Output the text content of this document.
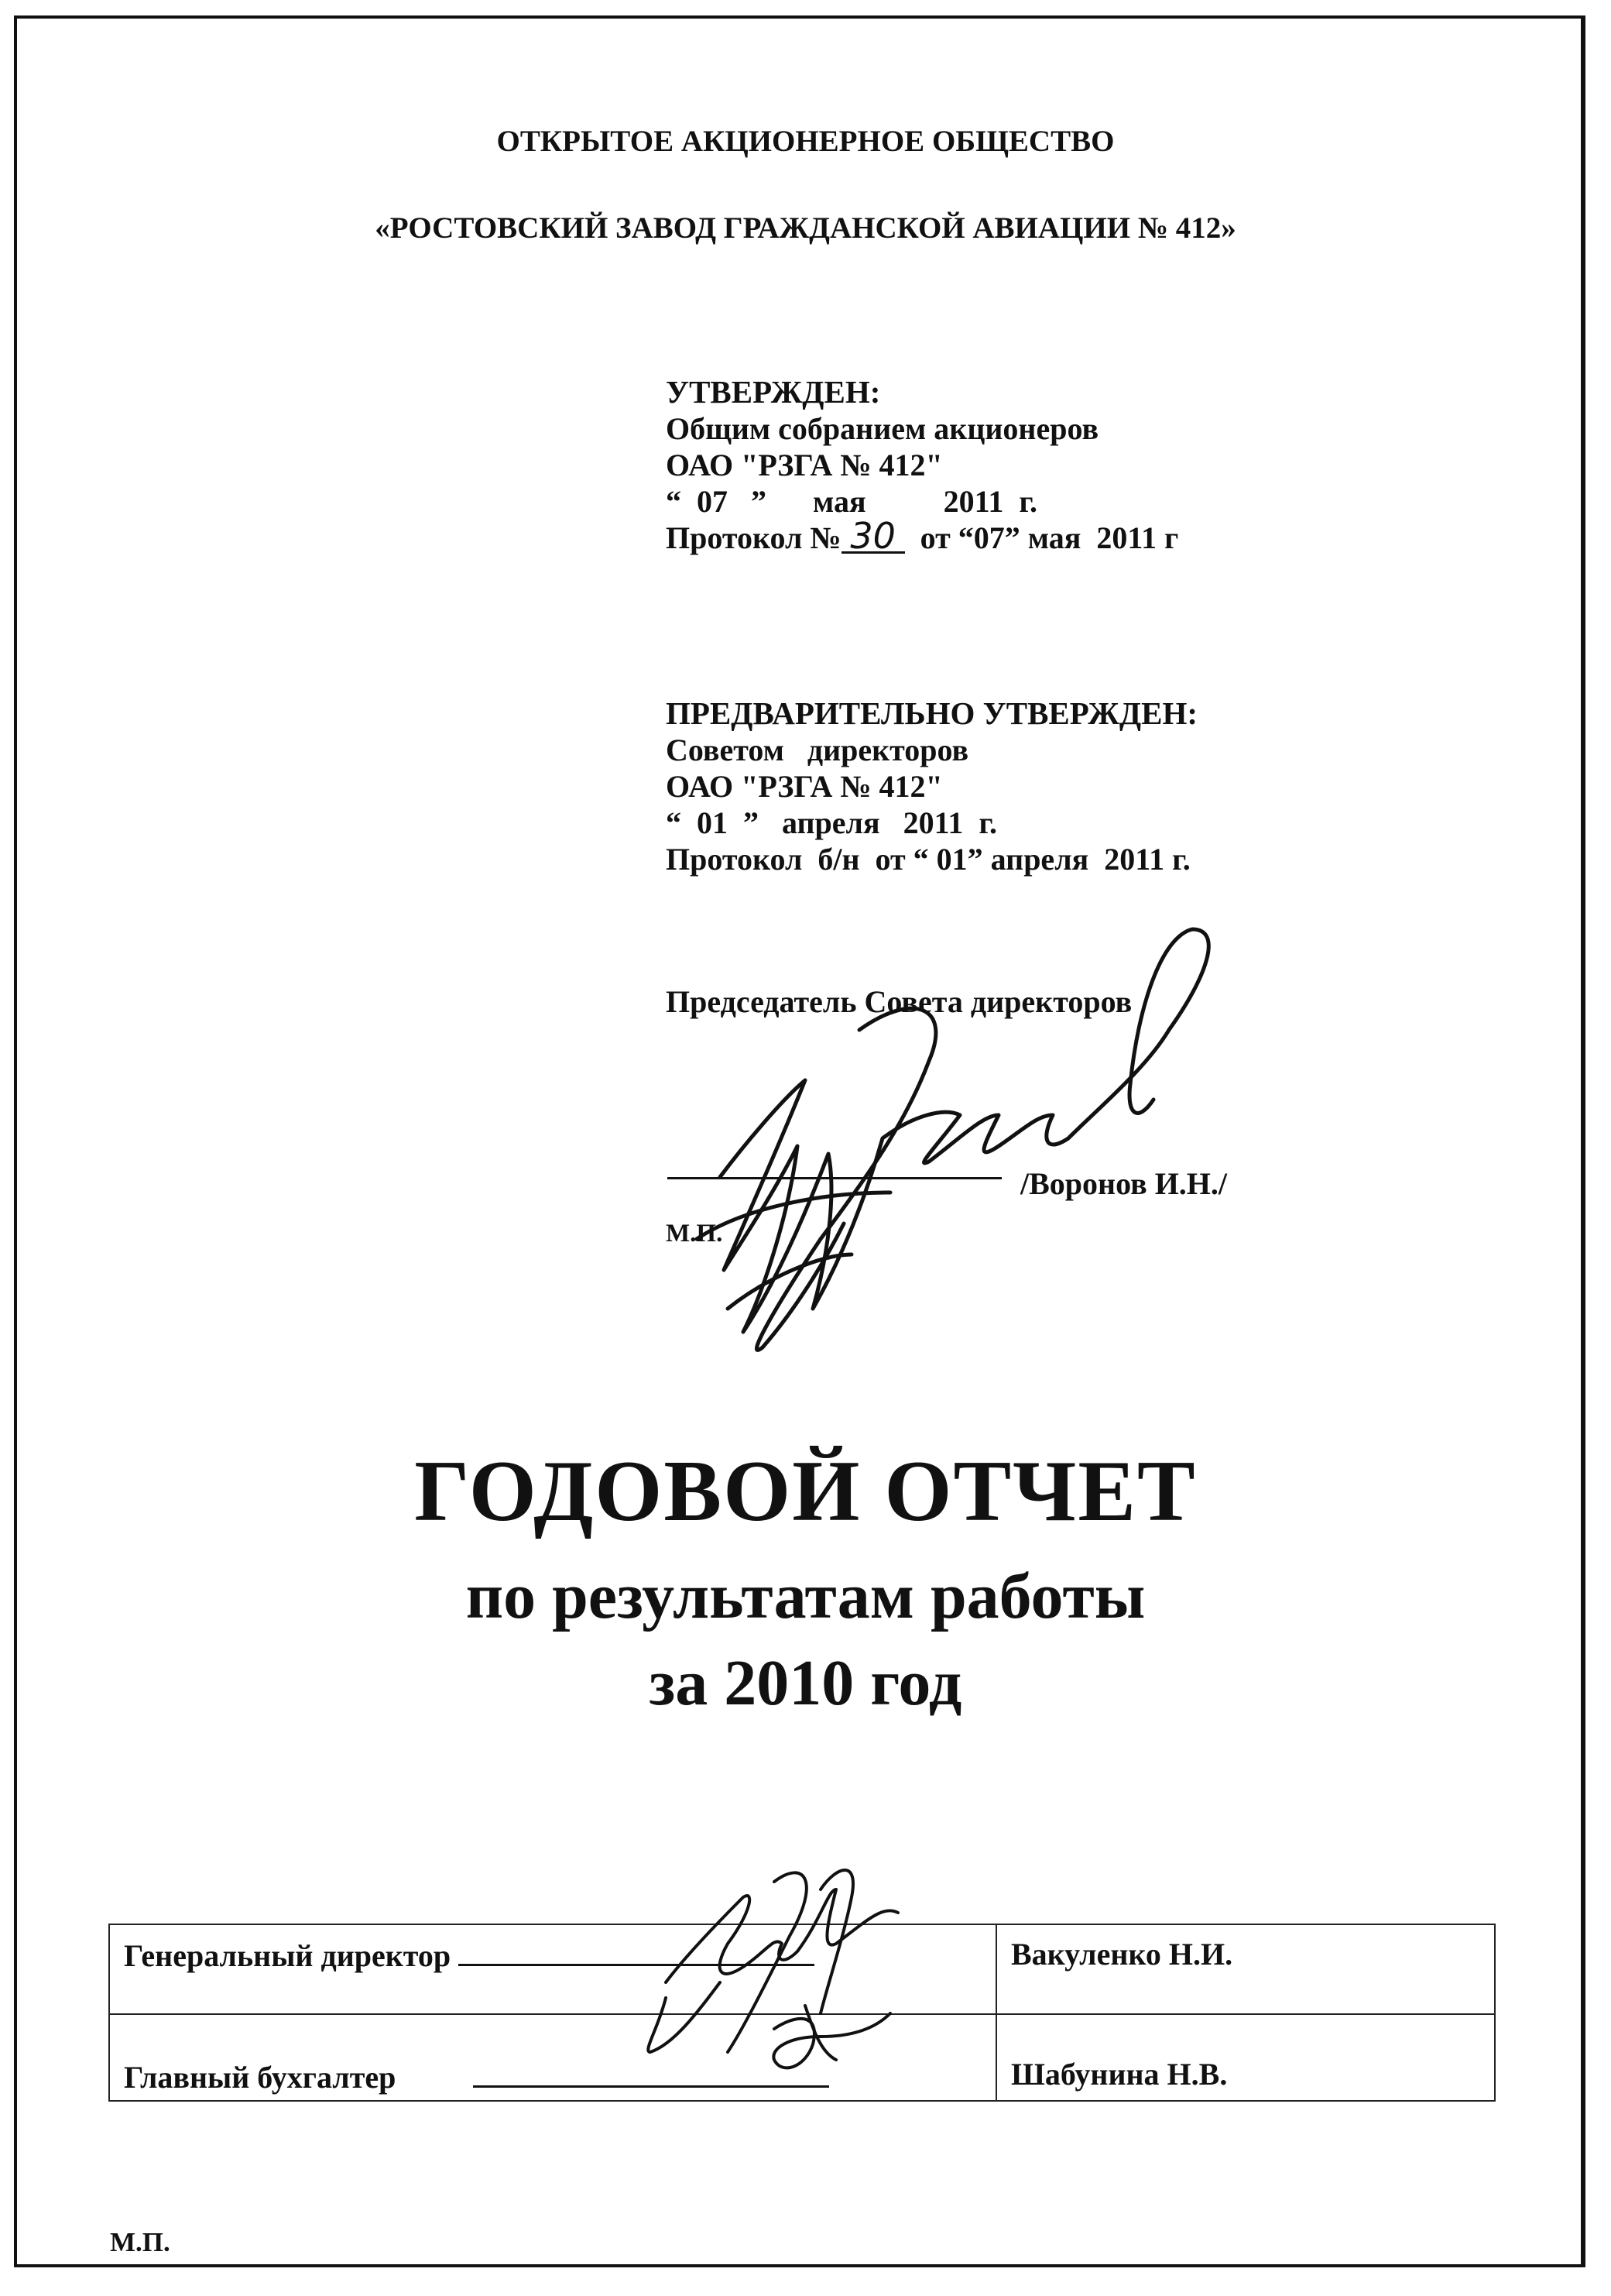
ОТКРЫТОЕ АКЦИОНЕРНОЕ ОБЩЕСТВО
«РОСТОВСКИЙ ЗАВОД ГРАЖДАНСКОЙ АВИАЦИИ № 412»
УТВЕРЖДЕН:
Общим собранием акционеров
ОАО "РЗГА № 412"
“  07   ”      мая          2011  г.
Протокол № 30  от “07” мая  2011 г
ПРЕДВАРИТЕЛЬНО УТВЕРЖДЕН:
Советом   директоров
ОАО "РЗГА № 412"
“  01  ”   апреля   2011  г.
Протокол  б/н  от “ 01” апреля  2011 г.
Председатель Совета директоров
/Воронов И.Н./
М.П.
ГОДОВОЙ ОТЧЕТ
по результатам работы
за 2010 год
Генеральный директор	Вакуленко Н.И.
Главный бухгалтер	Шабунина Н.В.
М.П.
